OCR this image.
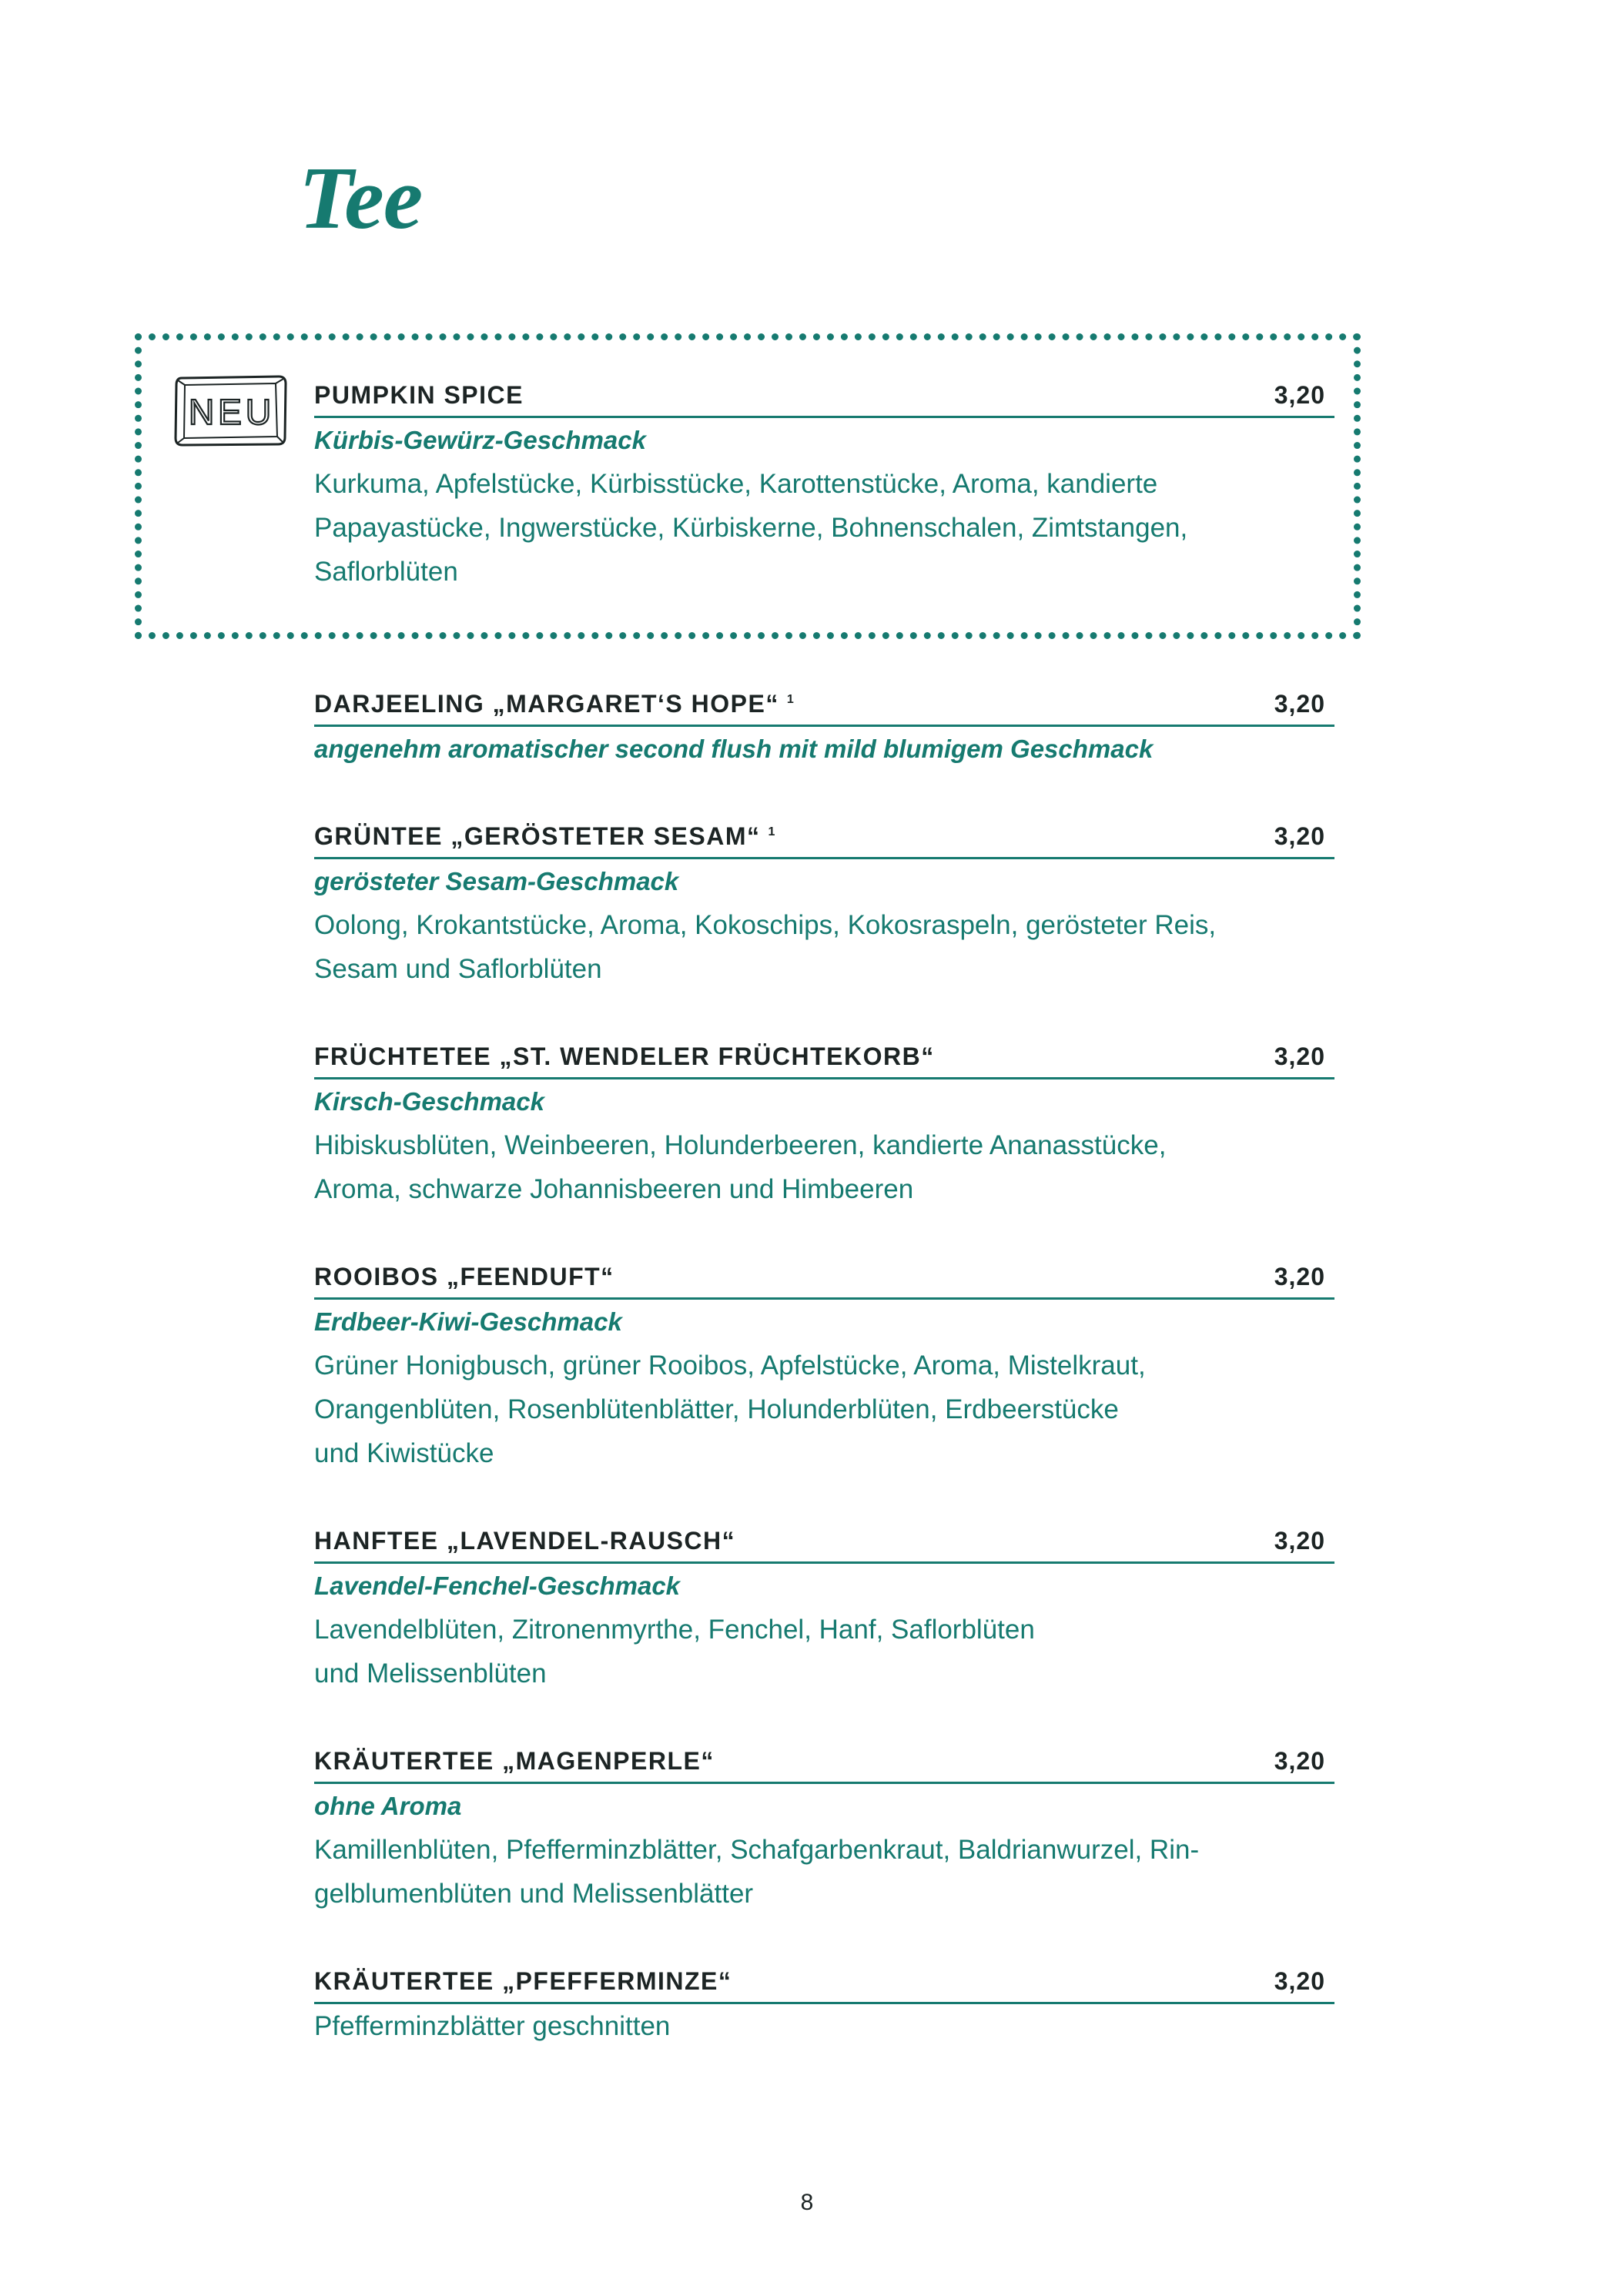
Tee
NEU PUMPKIN SPICE	3,20
Kürbis-Gewürz-Geschmack
Kurkuma, Apfelstücke, Kürbisstücke, Karottenstücke, Aroma, kandierte
Papayastücke, Ingwerstücke, Kürbiskerne, Bohnenschalen, Zimtstangen,
Saflorblüten
DARJEELING „MARGARET‘S HOPE“ $^1$	3,20
angenehm aromatischer second flush mit mild blumigem Geschmack
GRÜNTEE „GERÖSTETER SESAM“ $^1$	3,20
gerösteter Sesam-Geschmack
Oolong, Krokantstücke, Aroma, Kokoschips, Kokosraspeln, gerösteter Reis,
Sesam und Saflorblüten
FRÜCHTETEE „ST. WENDELER FRÜCHTEKORB“	3,20
Kirsch-Geschmack
Hibiskusblüten, Weinbeeren, Holunderbeeren, kandierte Ananasstücke,
Aroma, schwarze Johannisbeeren und Himbeeren
ROOIBOS „FEENDUFT“	3,20
Erdbeer-Kiwi-Geschmack
Grüner Honigbusch, grüner Rooibos, Apfelstücke, Aroma, Mistelkraut,
Orangenblüten, Rosenblütenblätter, Holunderblüten, Erdbeerstücke
und Kiwistücke
HANFTEE „LAVENDEL-RAUSCH“	3,20
Lavendel-Fenchel-Geschmack
Lavendelblüten, Zitronenmyrthe, Fenchel, Hanf, Saflorblüten
und Melissenblüten
KRÄUTERTEE „MAGENPERLE“	3,20
ohne Aroma
Kamillenblüten, Pfefferminzblätter, Schafgarbenkraut, Baldrianwurzel, Rin-
gelblumenblüten und Melissenblätter
KRÄUTERTEE „PFEFFERMINZE“	3,20
Pfefferminzblätter geschnitten
8
